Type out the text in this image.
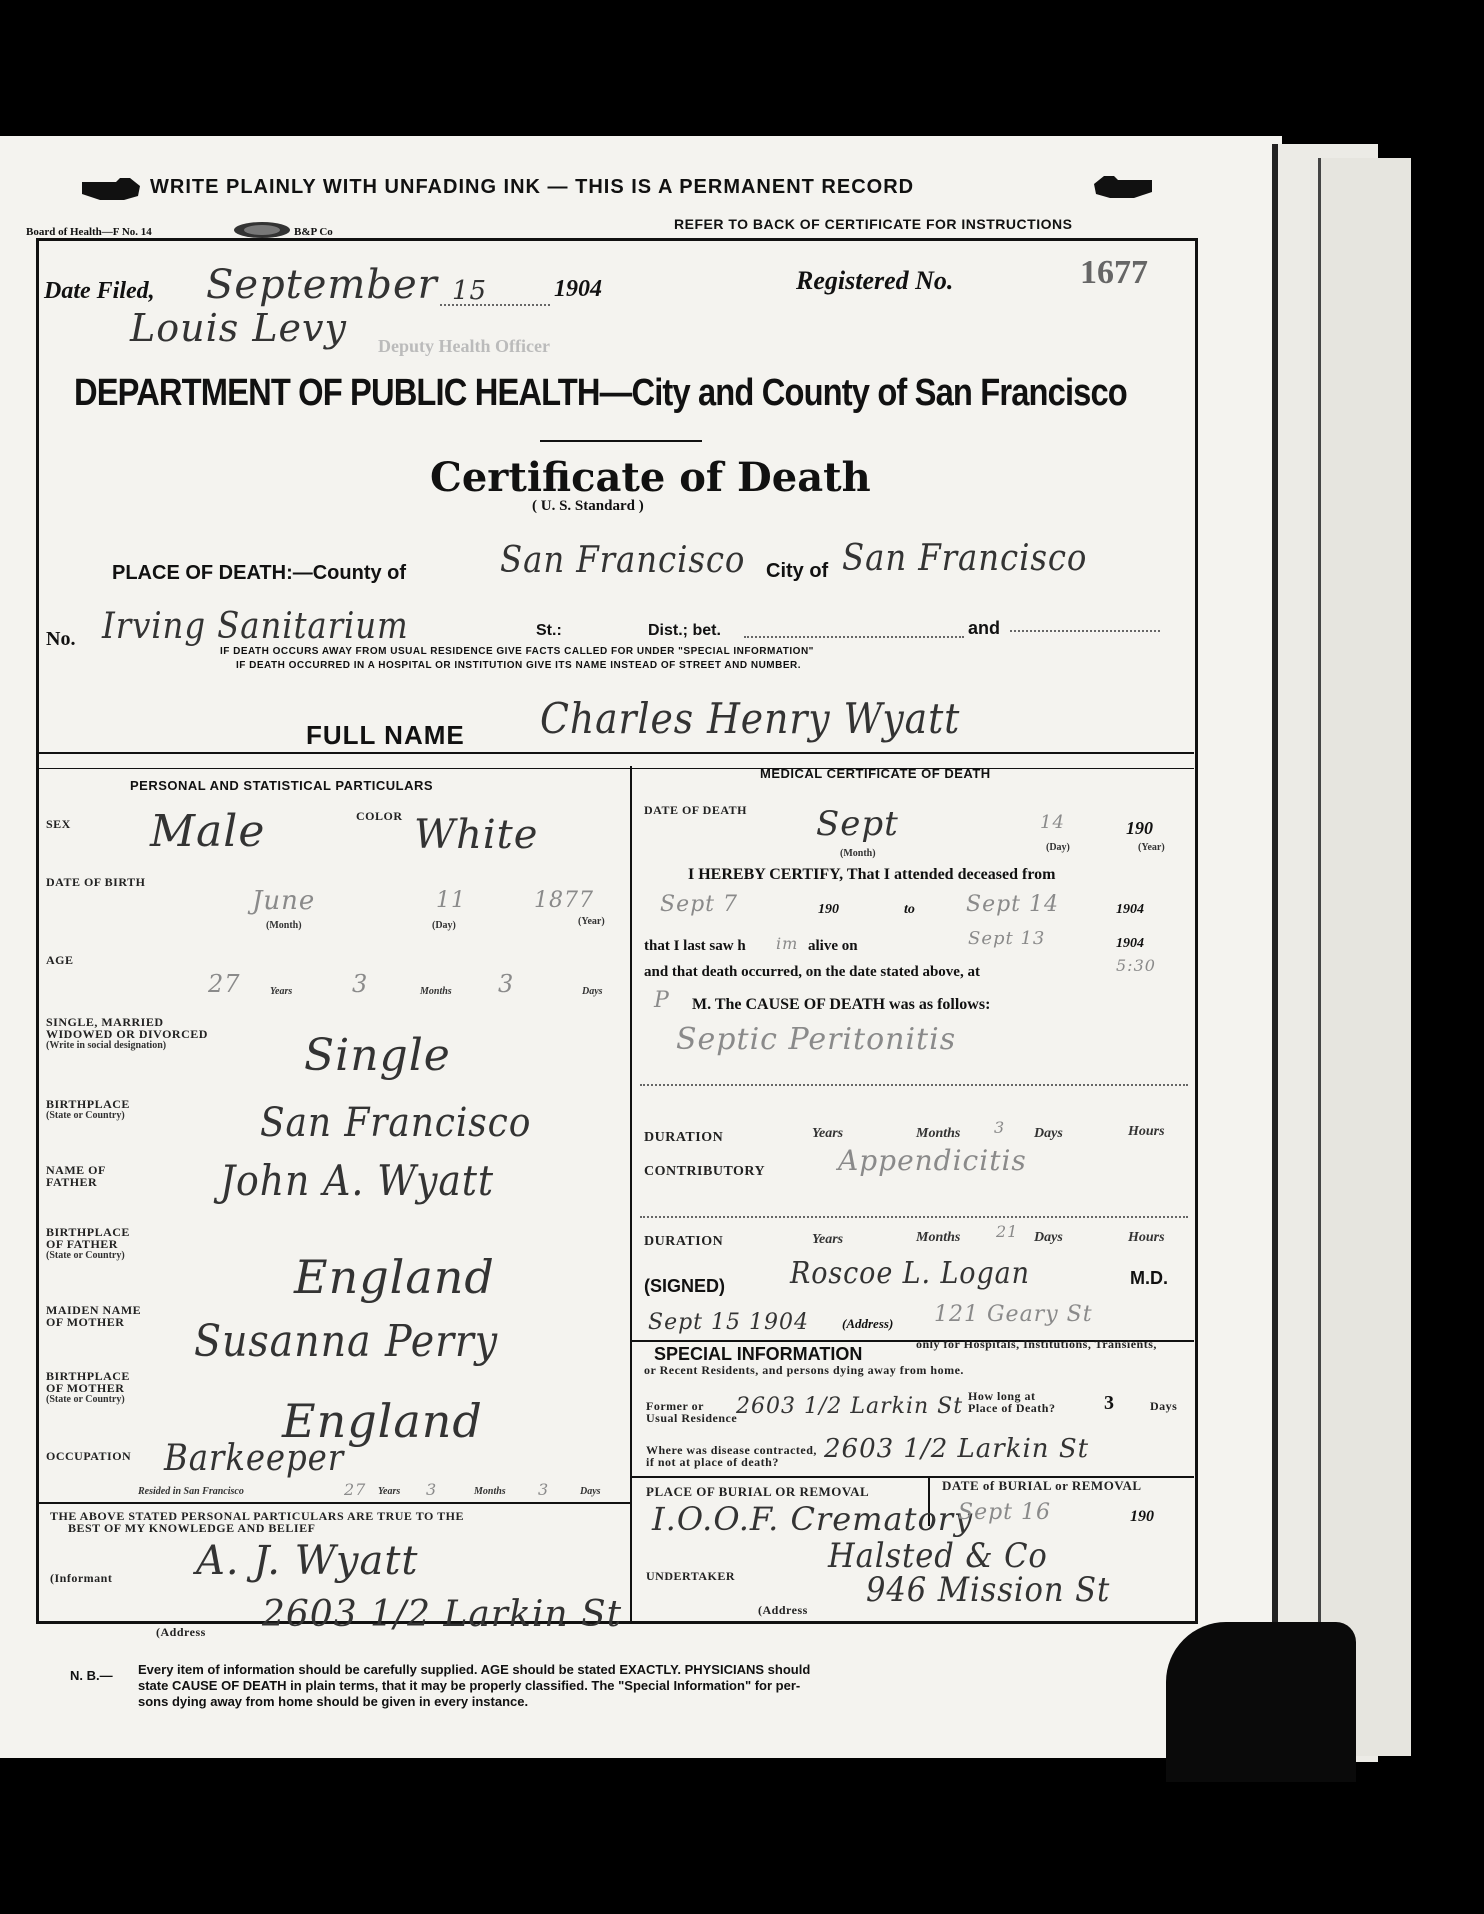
WRITE PLAINLY WITH UNFADING INK — THIS IS A PERMANENT RECORD
Board of Health—F No. 14	B&P Co	REFER TO BACK OF CERTIFICATE FOR INSTRUCTIONS
Date Filed, September 15	1904	Registered No.	1677
Louis Levy Deputy Health Officer
DEPARTMENT OF PUBLIC HEALTH—City and County of San Francisco
Certificate of Death
( U. S. Standard )
PLACE OF DEATH:—County of	San Francisco City of San Francisco
No. Irving Sanitarium	St.:	Dist.; bet.	and
IF DEATH OCCURS AWAY FROM USUAL RESIDENCE GIVE FACTS CALLED FOR UNDER "SPECIAL INFORMATION"
IF DEATH OCCURRED IN A HOSPITAL OR INSTITUTION GIVE ITS NAME INSTEAD OF STREET AND NUMBER.
FULL NAME Charles Henry Wyatt
PERSONAL AND STATISTICAL PARTICULARS
SEX Male	COLOR White
DATE OF BIRTH
June	11	1877
(Month)	(Day)	(Year)
AGE
27	Years 3	Months 3	Days
SINGLE, MARRIED
WIDOWED OR DIVORCED
(Write in social designation)	Single
BIRTHPLACE
(State or Country)	San Francisco
NAME OF
FATHER	John A. Wyatt
BIRTHPLACE
OF FATHER
(State or Country)	England
MAIDEN NAME
OF MOTHER Susanna Perry
BIRTHPLACE
OF MOTHER
(State or Country)	England
OCCUPATION Barkeeper
Resided in San Francisco	27 Years 3	Months 3	Days
THE ABOVE STATED PERSONAL PARTICULARS ARE TRUE TO THE
BEST OF MY KNOWLEDGE AND BELIEF
(Informant A. J. Wyatt
(Address 2603 1/2 Larkin St
MEDICAL CERTIFICATE OF DEATH
DATE OF DEATH Sept	14	190
(Month)
(Day)	(Year)
I HEREBY CERTIFY, That I attended deceased from
Sept 7	190	to Sept 14	1904
that I last saw h im alive on	Sept 13	1904
and that death occurred, on the date stated above, at	5:30
P M. The CAUSE OF DEATH was as follows:
Septic Peritonitis
DURATION	Years	Months 3 Days	Hours
CONTRIBUTORY	Appendicitis
DURATION	Years	Months 21 Days	Hours
(SIGNED) Roscoe L. Logan	M.D.
Sept 15 1904	(Address) 121 Geary St
SPECIAL INFORMATION	only for Hospitals, Institutions, Transients,
or Recent Residents, and persons dying away from home.
Former or
Usual Residence
2603 1/2 Larkin St How long at
Place of Death? 3	Days
Where was disease contracted,
if not at place of death? 2603 1/2 Larkin St
PLACE OF BURIAL OR REMOVAL
I.O.O.F. Crematory
DATE of BURIAL or REMOVAL
Sept 16	190
UNDERTAKER	Halsted & Co
(Address 946 Mission St
N. B.— Every item of information should be carefully supplied. AGE should be stated EXACTLY. PHYSICIANS should
state CAUSE OF DEATH in plain terms, that it may be properly classified. The "Special Information" for per-
sons dying away from home should be given in every instance.
